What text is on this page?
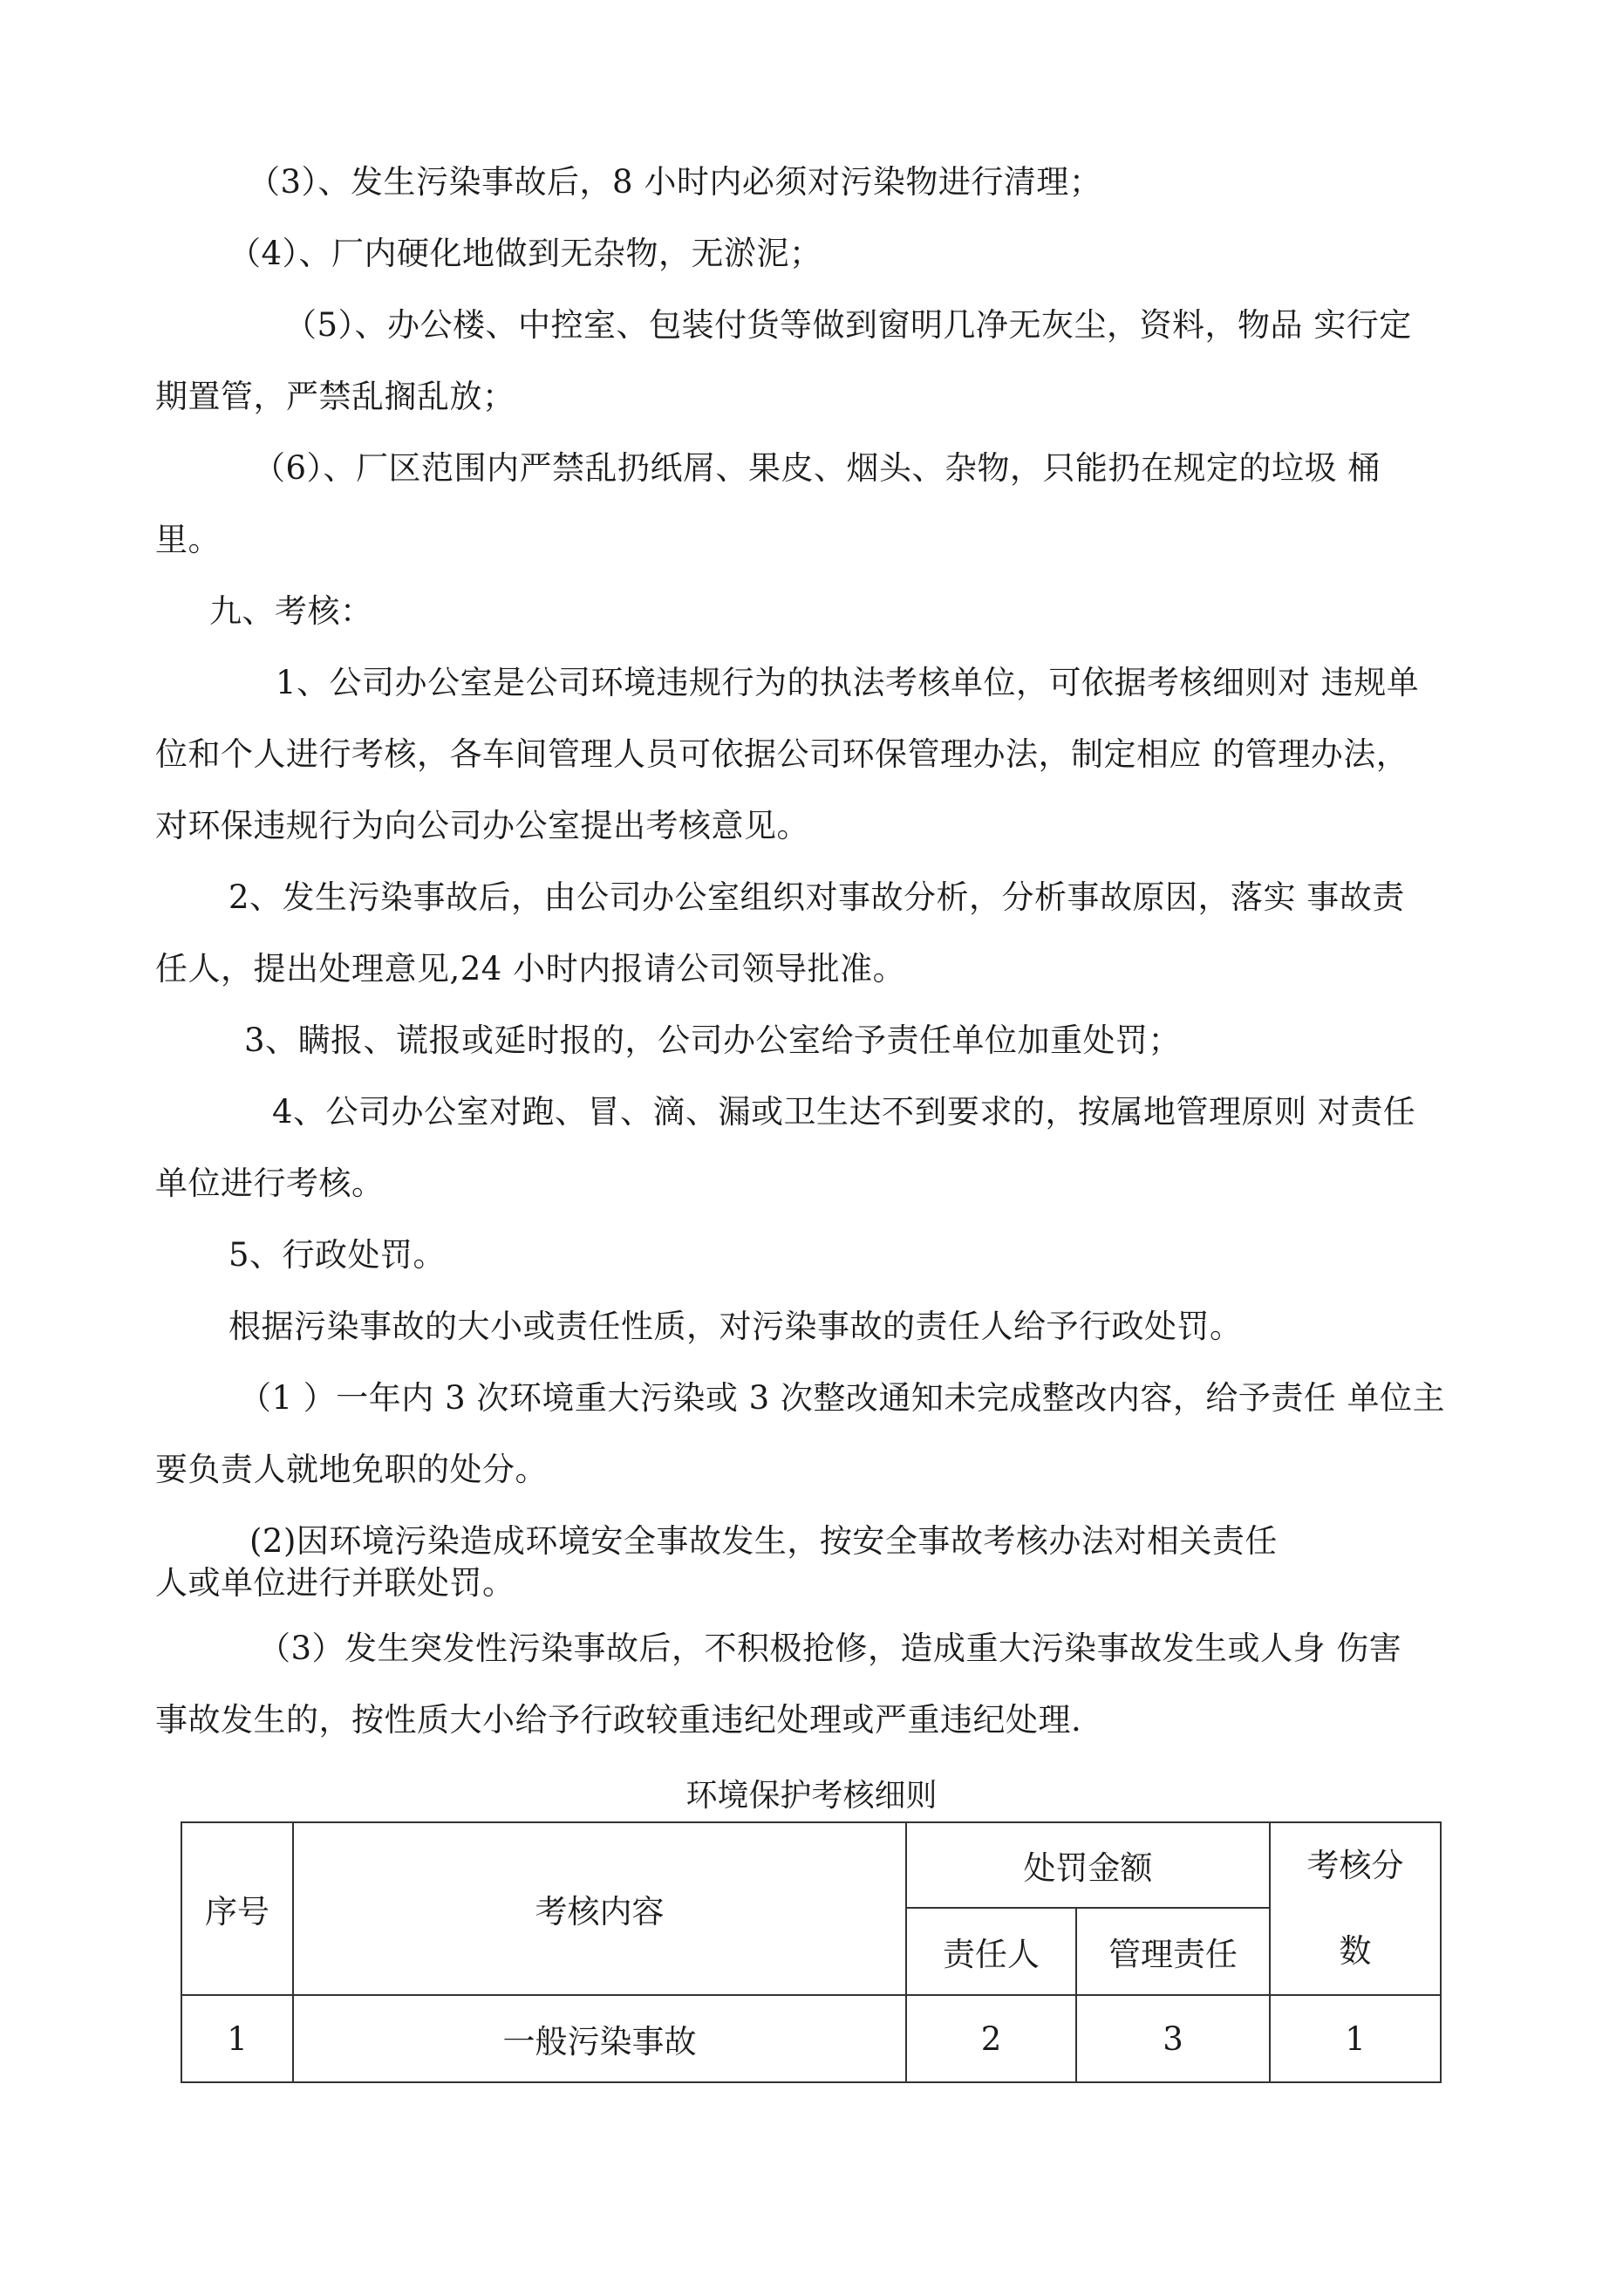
（3）、发生污染事故后，8 小时内必须对污染物进行清理；
（4）、厂内硬化地做到无杂物，无淤泥；
（5）、办公楼、中控室、包装付货等做到窗明几净无灰尘，资料，物品 实行定
期置管，严禁乱搁乱放；
（6）、厂区范围内严禁乱扔纸屑、果皮、烟头、杂物，只能扔在规定的垃圾 桶
里。
九、考核：
1、公司办公室是公司环境违规行为的执法考核单位，可依据考核细则对 违规单
位和个人进行考核，各车间管理人员可依据公司环保管理办法，制定相应 的管理办法，
对环保违规行为向公司办公室提出考核意见。
2、发生污染事故后，由公司办公室组织对事故分析，分析事故原因，落实 事故责
任人，提出处理意见,24 小时内报请公司领导批准。
3、瞒报、谎报或延时报的，公司办公室给予责任单位加重处罚；
4、公司办公室对跑、冒、滴、漏或卫生达不到要求的，按属地管理原则 对责任
单位进行考核。
5、行政处罚。
根据污染事故的大小或责任性质，对污染事故的责任人给予行政处罚。
（1 ）一年内 3 次环境重大污染或 3 次整改通知未完成整改内容，给予责任 单位主
要负责人就地免职的处分。
(2)因环境污染造成环境安全事故发生，按安全事故考核办法对相关责任
人或单位进行并联处罚。
（3）发生突发性污染事故后，不积极抢修，造成重大污染事故发生或人身 伤害
事故发生的，按性质大小给予行政较重违纪处理或严重违纪处理.
环境保护考核细则
序号	考核内容	处罚金额		考核分
数

		责任人	管理责任	
1	一般污染事故	2	3	1
